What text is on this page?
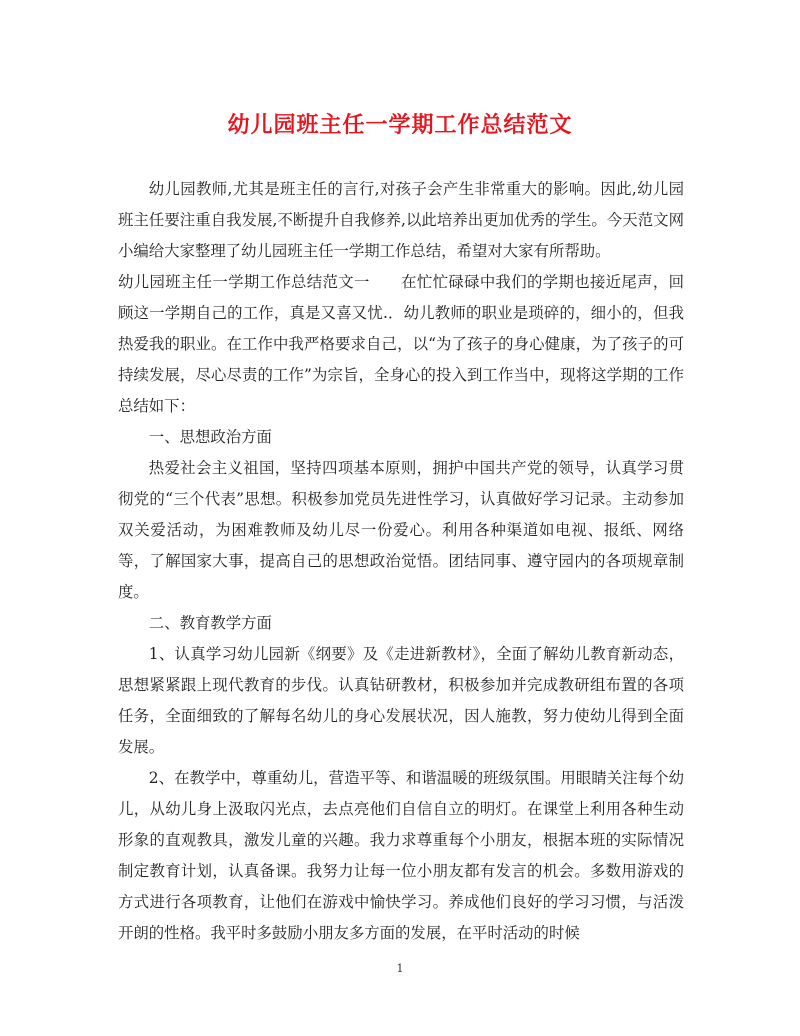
幼儿园班主任一学期工作总结范文

幼儿园教师,尤其是班主任的言行,对孩子会产生非常重大的影响。因此,幼儿园班主任要注重自我发展,不断提升自我修养,以此培养出更加优秀的学生。今天范文网小编给大家整理了幼儿园班主任一学期工作总结，希望对大家有所帮助。

幼儿园班主任一学期工作总结范文一　　在忙忙碌碌中我们的学期也接近尾声，回顾这一学期自己的工作，真是又喜又忧.．幼儿教师的职业是琐碎的，细小的，但我热爱我的职业。在工作中我严格要求自己，以“为了孩子的身心健康，为了孩子的可持续发展，尽心尽责的工作”为宗旨，全身心的投入到工作当中，现将这学期的工作总结如下：

一、思想政治方面

热爱社会主义祖国，坚持四项基本原则，拥护中国共产党的领导，认真学习贯彻党的“三个代表”思想。积极参加党员先进性学习，认真做好学习记录。主动参加双关爱活动，为困难教师及幼儿尽一份爱心。利用各种渠道如电视、报纸、网络等，了解国家大事，提高自己的思想政治觉悟。团结同事、遵守园内的各项规章制度。

二、教育教学方面

1、认真学习幼儿园新《纲要》及《走进新教材》，全面了解幼儿教育新动态，思想紧紧跟上现代教育的步伐。认真钻研教材，积极参加并完成教研组布置的各项任务，全面细致的了解每名幼儿的身心发展状况，因人施教，努力使幼儿得到全面发展。

2、在教学中，尊重幼儿，营造平等、和谐温暖的班级氛围。用眼睛关注每个幼儿，从幼儿身上汲取闪光点，去点亮他们自信自立的明灯。在课堂上利用各种生动形象的直观教具，激发儿童的兴趣。我力求尊重每个小朋友，根据本班的实际情况制定教育计划，认真备课。我努力让每一位小朋友都有发言的机会。多数用游戏的方式进行各项教育，让他们在游戏中愉快学习。养成他们良好的学习习惯，与活泼开朗的性格。我平时多鼓励小朋友多方面的发展，在平时活动的时候

1
